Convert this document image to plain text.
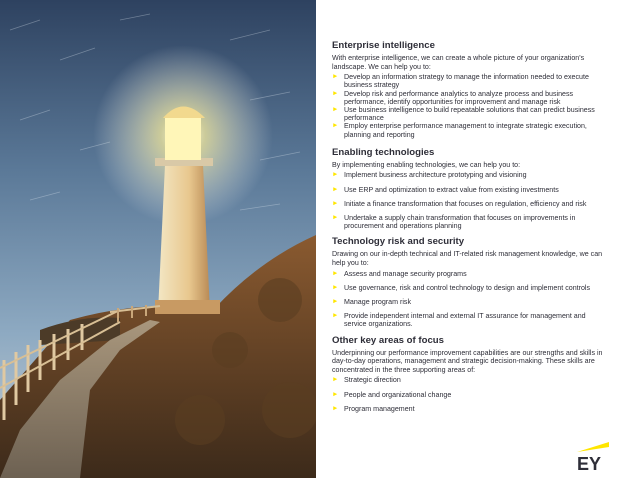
Enterprise intelligence

With enterprise intelligence, we can create a whole picture of your organization's landscape. We can help you to:

► Develop an information strategy to manage the information needed to execute business strategy
► Develop risk and performance analytics to analyze process and business performance, identify opportunities for improvement and manage risk
► Use business intelligence to build repeatable solutions that can predict business performance
► Employ enterprise performance management to integrate strategic execution, planning and reporting
Enabling technologies

By implementing enabling technologies, we can help you to:

► Implement business architecture prototyping and visioning
► Use ERP and optimization to extract value from existing investments
► Initiate a finance transformation that focuses on regulation, efficiency and risk
► Undertake a supply chain transformation that focuses on improvements in procurement and operations planning
Technology risk and security

Drawing on our in-depth technical and IT-related risk management knowledge, we can help you to:

► Assess and manage security programs
► Use governance, risk and control technology to design and implement controls
► Manage program risk
► Provide independent internal and external IT assurance for management and service organizations.
Other key areas of focus

Underpinning our performance improvement capabilities are our strengths and skills in day-to-day operations, management and strategic decision-making. These skills are concentrated in the three supporting areas of:

► Strategic direction
► People and organizational change
► Program management
EY
